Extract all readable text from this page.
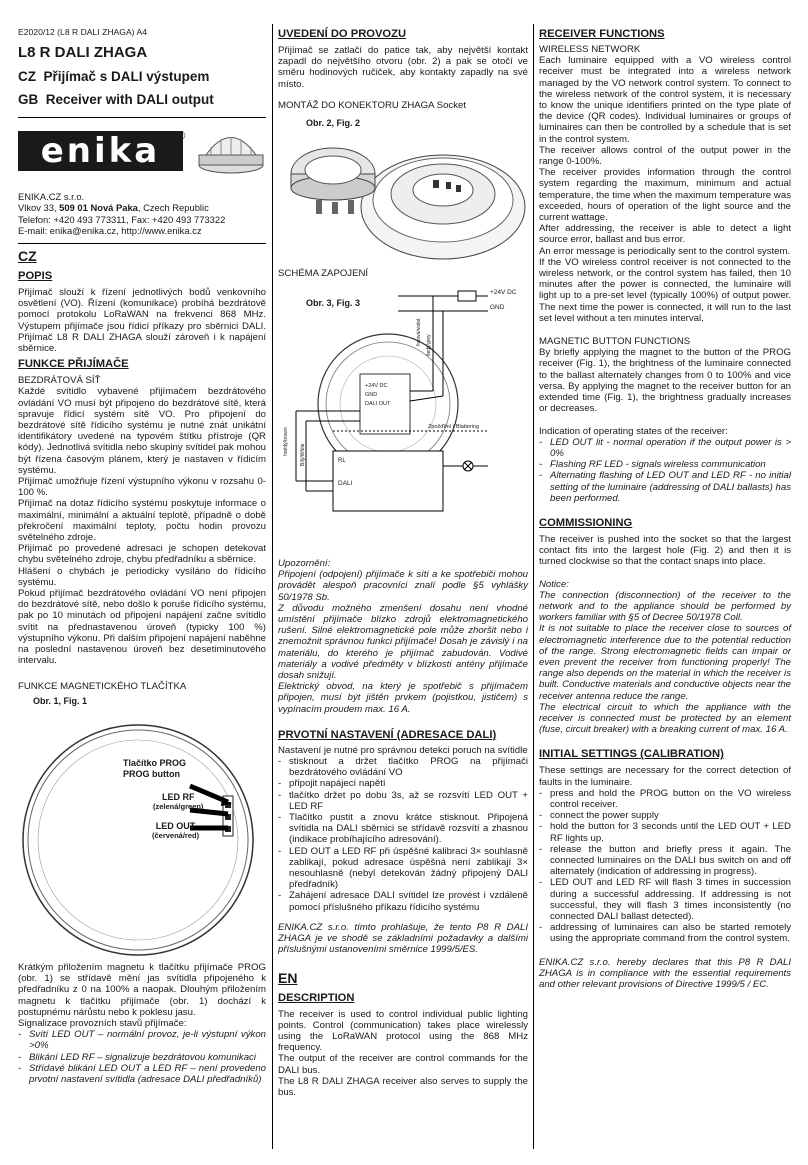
E2020/12 (L8 R DALI ZHAGA) A4
L8 R DALI ZHAGA
CZ Přijímač s DALI výstupem
GB Receiver with DALI output
enika	®
ENIKA.CZ s.r.o.
Vlkov 33, 509 01 Nová Paka, Czech Republic
Telefon: +420 493 773311, Fax: +420 493 773322
E-mail: enika@enika.cz, http://www.enika.cz
CZ
POPIS

Přijímač slouží k řízení jednotlivých bodů venkovního osvětlení (VO). Řízení (komunikace) probíhá bezdrátově pomocí protokolu LoRaWAN na frekvenci 868 MHz. Výstupem přijímače jsou řídicí příkazy pro sběrnici DALI. Přijímač L8 R DALI ZHAGA slouží zároveň i k napájení sběrnice.

FUNKCE PŘIJÍMAČE
BEZDRÁTOVÁ SÍŤ

Každé svítidlo vybavené přijímačem bezdrátového ovládání VO musí být připojeno do bezdrátové sítě, která spravuje řídicí systém sítě VO. Pro připojení do bezdrátové sítě řídicího systému je nutné znát unikátní identifikátory uvedené na typovém štítku přístroje (QR kódy). Jednotlivá svítidla nebo skupiny svítidel pak mohou být řízena časovým plánem, který je nastaven v řídicím systému.

Přijímač umožňuje řízení výstupního výkonu v rozsahu 0-100 %.

Přijímač na dotaz řídicího systému poskytuje informace o maximální, minimální a aktuální teplotě, případně o době překročení maximální teploty, počtu hodin provozu světelného zdroje.

Přijímač po provedené adresaci je schopen detekovat chybu světelného zdroje, chybu předřadníku a sběrnice.

Hlášení o chybách je periodicky vysíláno do řídicího systému.

Pokud přijímač bezdrátového ovládání VO není připojen do bezdrátové sítě, nebo došlo k poruše řídicího systému, pak po 10 minutách od připojení napájení začne svítidlo svítit na přednastavenou úroveň (typicky 100 %) výstupního výkonu. Při dalším připojení napájení naběhne na poslední nastavenou úroveň bez desetiminutového intervalu.

FUNKCE MAGNETICKÉHO TLAČÍTKA
Obr. 1, Fig. 1
Tlačítko PROG
PROG button
LED RF
(zelená/green)
LED OUT
(červená/red)

Krátkým přiložením magnetu k tlačítku přijímače PROG (obr. 1) se střídavě mění jas svítidla připojeného k předřadníku z 0 na 100% a naopak. Dlouhým přiložením magnetu k tlačítku přijímače (obr. 1) dochází k postupnému nárůstu nebo k poklesu jasu.

Signalizace provozních stavů přijímače:

- Svítí LED OUT – normální provoz, je-li výstupní výkon >0%
- Blikání LED RF – signalizuje bezdrátovou komunikaci
- Střídavé blikání LED OUT a LED RF – není provedeno prvotní nastavení svítidla (adresace DALI předřadníků)
UVEDENÍ DO PROVOZU

Přijímač se zatlačí do patice tak, aby největší kontakt zapadl do největšího otvoru (obr. 2) a pak se otočí ve směru hodinových ručiček, aby kontakty zapadly na své místo.

MONTÁŽ DO KONEKTORU ZHAGA Socket
Obr. 2, Fig. 2
SCHÉMA ZAPOJENÍ
Obr. 3, Fig. 3
+24V DC
GND
+24V DC
GND
DALI OUT
fialová/violet šedý/grey
hnědý/brown Bílý/White
Zpožďění / Blattering
RL
DALI

Upozornění:

Připojení (odpojení) přijímače k síti a ke spotřebiči mohou provádět alespoň pracovníci znalí podle §5 vyhlášky 50/1978 Sb.

Z důvodu možného zmenšení dosahu není vhodné umístění přijímače blízko zdrojů elektromagnetického rušení. Silné elektromagnetické pole může zhoršit nebo i znemožnit správnou funkci přijímače! Dosah je závislý i na materiálu, do kterého je přijímač zabudován. Vodivé materiály a vodivé předměty v blízkosti antény přijímače dosah snižují.

Elektrický obvod, na který je spotřebič s přijímačem připojen, musí být jištěn prvkem (pojistkou, jističem) s vypínacím proudem max. 16 A.

PRVOTNÍ NASTAVENÍ (ADRESACE DALI)

Nastavení je nutné pro správnou detekci poruch na svítidle

- stisknout a držet tlačítko PROG na přijímači bezdrátového ovládání VO
- připojit napájecí napětí
- tlačítko držet po dobu 3s, až se rozsvítí LED OUT + LED RF
- Tlačítko pustit a znovu krátce stisknout. Připojená svítidla na DALI sběrnici se střídavě rozsvítí a zhasnou (indikace probíhajícího adresování).
- LED OUT a LED RF při úspěšné kalibraci 3× souhlasně zablikají, pokud adresace úspěšná není zablikají 3× nesouhlasně (nebyl detekován žádný připojený DALI předřadník)
- Zahájení adresace DALI svítidel lze provést i vzdáleně pomocí příslušného příkazu řídicího systému

ENIKA.CZ s.r.o. tímto prohlašuje, že tento P8 R DALI ZHAGA je ve shodě se základními požadavky a dalšími příslušnými ustanoveními směrnice 1999/5/ES.

EN
DESCRIPTION

The receiver is used to control individual public lighting points. Control (communication) takes place wirelessly using the LoRaWAN protocol using the 868 MHz frequency.

The output of the receiver are control commands for the DALI bus.

The L8 R DALI ZHAGA receiver also serves to supply the bus.

RECEIVER FUNCTIONS
WIRELESS NETWORK

Each luminaire equipped with a VO wireless control receiver must be integrated into a wireless network managed by the VO network control system. To connect to the wireless network of the control system, it is necessary to know the unique identifiers printed on the type plate of the device (QR codes). Individual luminaires or groups of luminaires can then be controlled by a schedule that is set in the control system.

The receiver allows control of the output power in the range 0-100%.

The receiver provides information through the control system regarding the maximum, minimum and actual temperature, the time when the maximum temperature was exceeded, hours of operation of the light source and the current wattage.

After addressing, the receiver is able to detect a light source error, ballast and bus error.

An error message is periodically sent to the control system.

If the VO wireless control receiver is not connected to the wireless network, or the control system has failed, then 10 minutes after the power is connected, the luminaire will light up to a pre-set level (typically 100%) of output power. The next time the power is connected, it will run to the last set level without a ten minutes interval.

MAGNETIC BUTTON FUNCTIONS

By briefly applying the magnet to the button of the PROG receiver (Fig. 1), the brightness of the luminaire connected to the ballast alternately changes from 0 to 100% and vice versa. By applying the magnet to the receiver button for an extended time (Fig. 1), the brightness gradually increases or decreases.

Indication of operating states of the receiver:

- LED OUT lit - normal operation if the output power is > 0%
- Flashing RF LED - signals wireless communication
- Alternating flashing of LED OUT and LED RF - no initial setting of the luminaire (addressing of DALI ballasts) has been performed.
COMMISSIONING

The receiver is pushed into the socket so that the largest contact fits into the largest hole (Fig. 2) and then it is turned clockwise so that the contact snaps into place.

Notice:

The connection (disconnection) of the receiver to the network and to the appliance should be performed by workers familiar with §5 of Decree 50/1978 Coll.

It is not suitable to place the receiver close to sources of electromagnetic interference due to the potential reduction of the range. Strong electromagnetic fields can impair or even prevent the receiver from functioning properly! The range also depends on the material in which the receiver is built. Conductive materials and conductive objects near the receiver antenna reduce the range.

The electrical circuit to which the appliance with the receiver is connected must be protected by an element (fuse, circuit breaker) with a breaking current of max. 16 A.

INITIAL SETTINGS (CALIBRATION)

These settings are necessary for the correct detection of faults in the luminaire.

- press and hold the PROG button on the VO wireless control receiver.
- connect the power supply
- hold the button for 3 seconds until the LED OUT + LED RF lights up.
- release the button and briefly press it again. The connected luminaires on the DALI bus switch on and off alternately (indication of addressing in progress).
- LED OUT and LED RF will flash 3 times in succession during a successful addressing. If addressing is not successful, they will flash 3 times inconsistently (no connected DALI ballast detected).
- addressing of luminaires can also be started remotely using the appropriate command from the control system.

ENIKA.CZ s.r.o. hereby declares that this P8 R DALI ZHAGA is in compliance with the essential requirements and other relevant provisions of Directive 1999/5 / EC.
